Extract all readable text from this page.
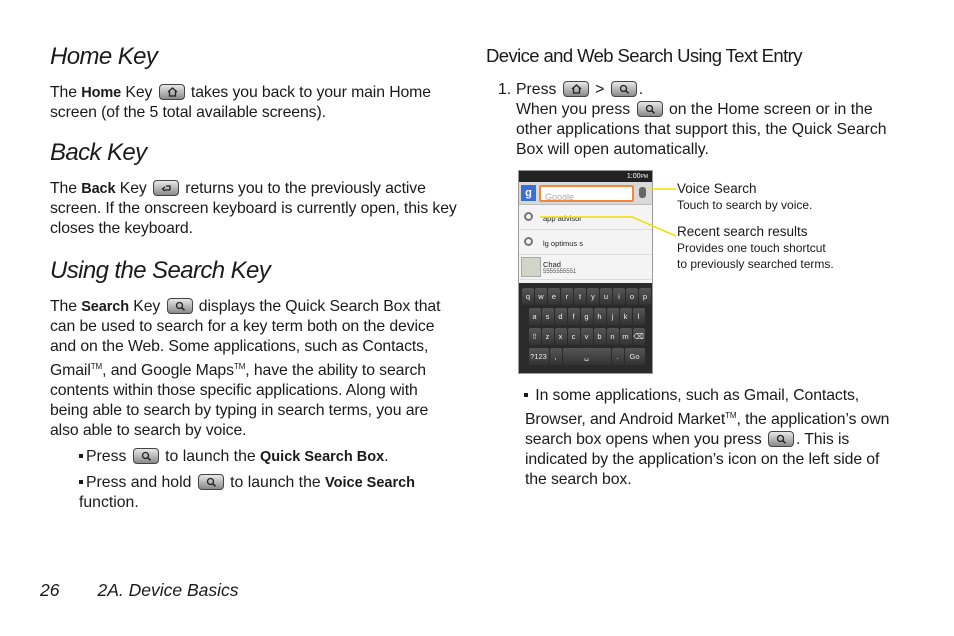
Home Key

The Home Key takes you back to your main Home screen (of the 5 total available screens).

Back Key

The Back Key returns you to the previously active screen. If the onscreen keyboard is currently open, this key closes the keyboard.

Using the Search Key

The Search Key displays the Quick Search Box that can be used to search for a key term both on the device and on the Web. Some applications, such as Contacts, Gmail™, and Google Maps™, have the ability to search contents within those specific applications. Along with being able to search by typing in search terms, you are also able to search by voice.

Press to launch the Quick Search Box.
Press and hold to launch the Voice Search
function.
Device and Web Search Using Text Entry
1. Press > .
When you press on the Home screen or in the other applications that support this, the Quick Search Box will open automatically.
1:00PM
g	Google
app advisor
lg optimus s
Chad
5555555551
q	w	e	r	t	y	u	i	o	p
a	s	d	f	g	h	j	k	l
⇧	z	x	c	v	b	n	m ⌫
?123	,	␣	.	Go
Voice Search
Touch to search by voice.
Recent search results
Provides one touch shortcut
to previously searched terms.

In some applications, such as Gmail, Contacts, Browser, and Android Market™, the application’s own search box opens when you press . This is indicated by the application’s icon on the left side of the search box.

26 2A. Device Basics
